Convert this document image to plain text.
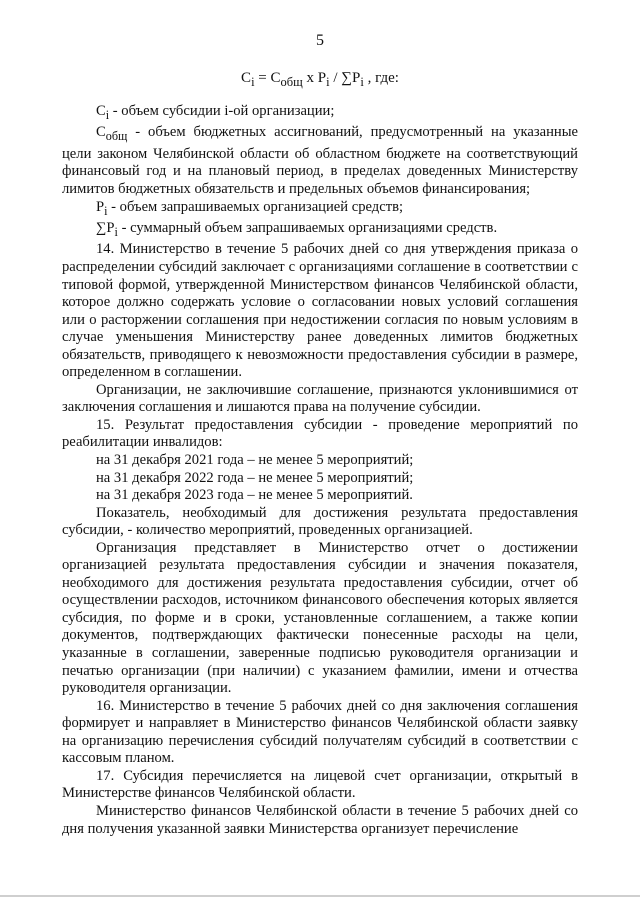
5
$C_i = C_{общ}$ x $P_i / \sum P_i$ , где:

$C_i$ - объем субсидии i-ой организации;

$C_{общ}$ - объем бюджетных ассигнований, предусмотренный на указанные цели законом Челябинской области об областном бюджете на соответствующий финансовый год и на плановый период, в пределах доведенных Министерству лимитов бюджетных обязательств и предельных объемов финансирования;

$P_i$ - объем запрашиваемых организацией средств;

$\sum P_i$ - суммарный объем запрашиваемых организациями средств.

14. Министерство в течение 5 рабочих дней со дня утверждения приказа о распределении субсидий заключает с организациями соглашение в соответствии с типовой формой, утвержденной Министерством финансов Челябинской области, которое должно содержать условие о согласовании новых условий соглашения или о расторжении соглашения при недостижении согласия по новым условиям в случае уменьшения Министерству ранее доведенных лимитов бюджетных обязательств, приводящего к невозможности предоставления субсидии в размере, определенном в соглашении.

Организации, не заключившие соглашение, признаются уклонившимися от заключения соглашения и лишаются права на получение субсидии.

15. Результат предоставления субсидии - проведение мероприятий по реабилитации инвалидов:

на 31 декабря 2021 года – не менее 5 мероприятий;

на 31 декабря 2022 года – не менее 5 мероприятий;

на 31 декабря 2023 года – не менее 5 мероприятий.

Показатель, необходимый для достижения результата предоставления субсидии, - количество мероприятий, проведенных организацией.

Организация представляет в Министерство отчет о достижении организацией результата предоставления субсидии и значения показателя, необходимого для достижения результата предоставления субсидии, отчет об осуществлении расходов, источником финансового обеспечения которых является субсидия, по форме и в сроки, установленные соглашением, а также копии документов, подтверждающих фактически понесенные расходы на цели, указанные в соглашении, заверенные подписью руководителя организации и печатью организации (при наличии) с указанием фамилии, имени и отчества руководителя организации.

16. Министерство в течение 5 рабочих дней со дня заключения соглашения формирует и направляет в Министерство финансов Челябинской области заявку на организацию перечисления субсидий получателям субсидий в соответствии с кассовым планом.

17. Субсидия перечисляется на лицевой счет организации, открытый в Министерстве финансов Челябинской области.

Министерство финансов Челябинской области в течение 5 рабочих дней со дня получения указанной заявки Министерства организует перечисление
